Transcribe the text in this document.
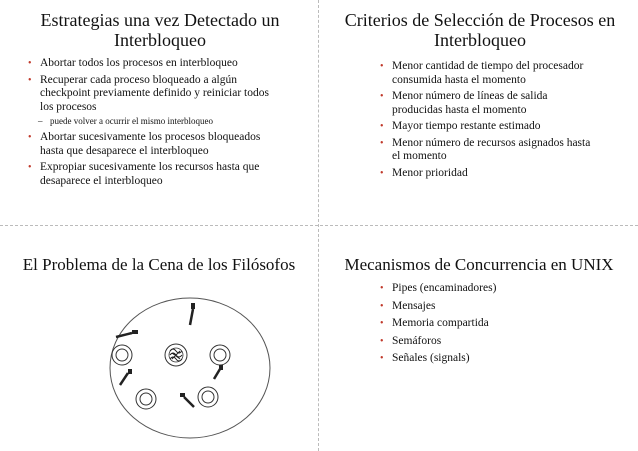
Estrategias una vez Detectado un Interbloqueo
• Abortar todos los procesos en interbloqueo
• Recuperar cada proceso bloqueado a algún checkpoint previamente definido y reiniciar todos los procesos
– puede volver a ocurrir el mismo interbloqueo
• Abortar sucesivamente los procesos bloqueados hasta que desaparece el interbloqueo
• Expropiar sucesivamente los recursos hasta que desaparece el interbloqueo
Criterios de Selección de Procesos en Interbloqueo
• Menor cantidad de tiempo del procesador consumida hasta el momento
• Menor número de líneas de salida producidas hasta el momento
• Mayor tiempo restante estimado
• Menor número de recursos asignados hasta el momento
• Menor prioridad
El Problema de la Cena de los Filósofos	Mecanismos de Concurrencia en UNIX
• Pipes (encaminadores)
• Mensajes
• Memoria compartida
• Semáforos
• Señales (signals)
